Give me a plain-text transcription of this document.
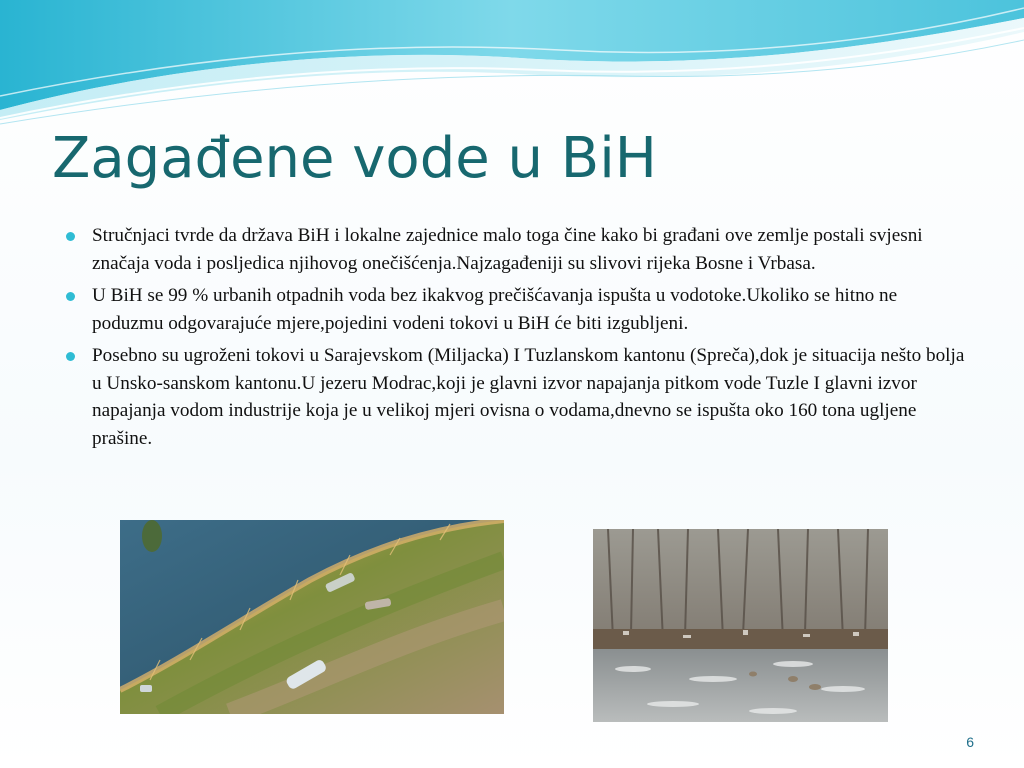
Zagađene vode u BiH
Stručnjaci tvrde da država BiH i lokalne zajednice malo toga čine kako bi građani ove zemlje postali svjesni značaja voda i posljedica njihovog onečišćenja.Najzagađeniji su slivovi rijeka Bosne i Vrbasa.
U BiH se 99 % urbanih otpadnih voda bez ikakvog prečišćavanja ispušta u vodotoke.Ukoliko se hitno ne poduzmu odgovarajuće mjere,pojedini vodeni tokovi u BiH će biti izgubljeni.
Posebno su ugroženi tokovi u Sarajevskom (Miljacka) I Tuzlanskom kantonu (Spreča),dok je situacija nešto bolja u Unsko-sanskom kantonu.U jezeru Modrac,koji je glavni izvor napajanja pitkom vode Tuzle I glavni izvor napajanja vodom industrije koja je u velikoj mjeri ovisna o vodama,dnevno se ispušta oko 160 tona ugljene prašine.
6
